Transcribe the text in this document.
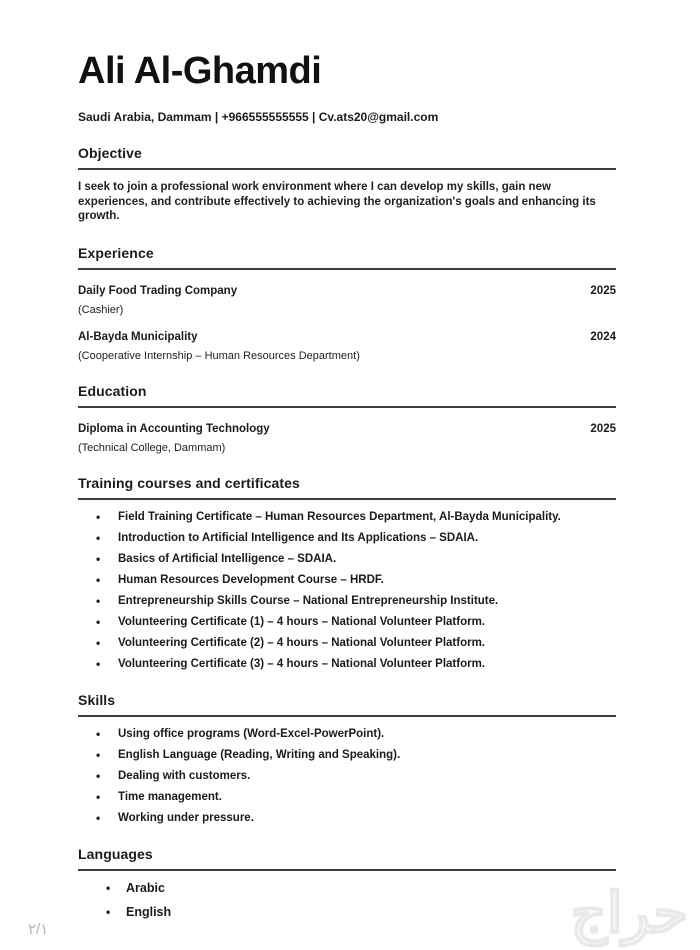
Ali Al-Ghamdi
Saudi Arabia, Dammam | +966555555555 | Cv.ats20@gmail.com
Objective

I seek to join a professional work environment where I can develop my skills, gain new experiences, and contribute effectively to achieving the organization's goals and enhancing its growth.

Experience
Daily Food Trading Company	2025
(Cashier)
Al-Bayda Municipality	2024
(Cooperative Internship – Human Resources Department)
Education
Diploma in Accounting Technology	2025
(Technical College, Dammam)
Training courses and certificates
• Field Training Certificate – Human Resources Department, Al-Bayda Municipality.
• Introduction to Artificial Intelligence and Its Applications – SDAIA.
• Basics of Artificial Intelligence – SDAIA.
• Human Resources Development Course – HRDF.
• Entrepreneurship Skills Course – National Entrepreneurship Institute.
• Volunteering Certificate (1) – 4 hours – National Volunteer Platform.
• Volunteering Certificate (2) – 4 hours – National Volunteer Platform.
• Volunteering Certificate (3) – 4 hours – National Volunteer Platform.
Skills
• Using office programs (Word-Excel-PowerPoint).
• English Language (Reading, Writing and Speaking).
• Dealing with customers.
• Time management.
• Working under pressure.
Languages
• Arabic
• English
٢/١	حراج
